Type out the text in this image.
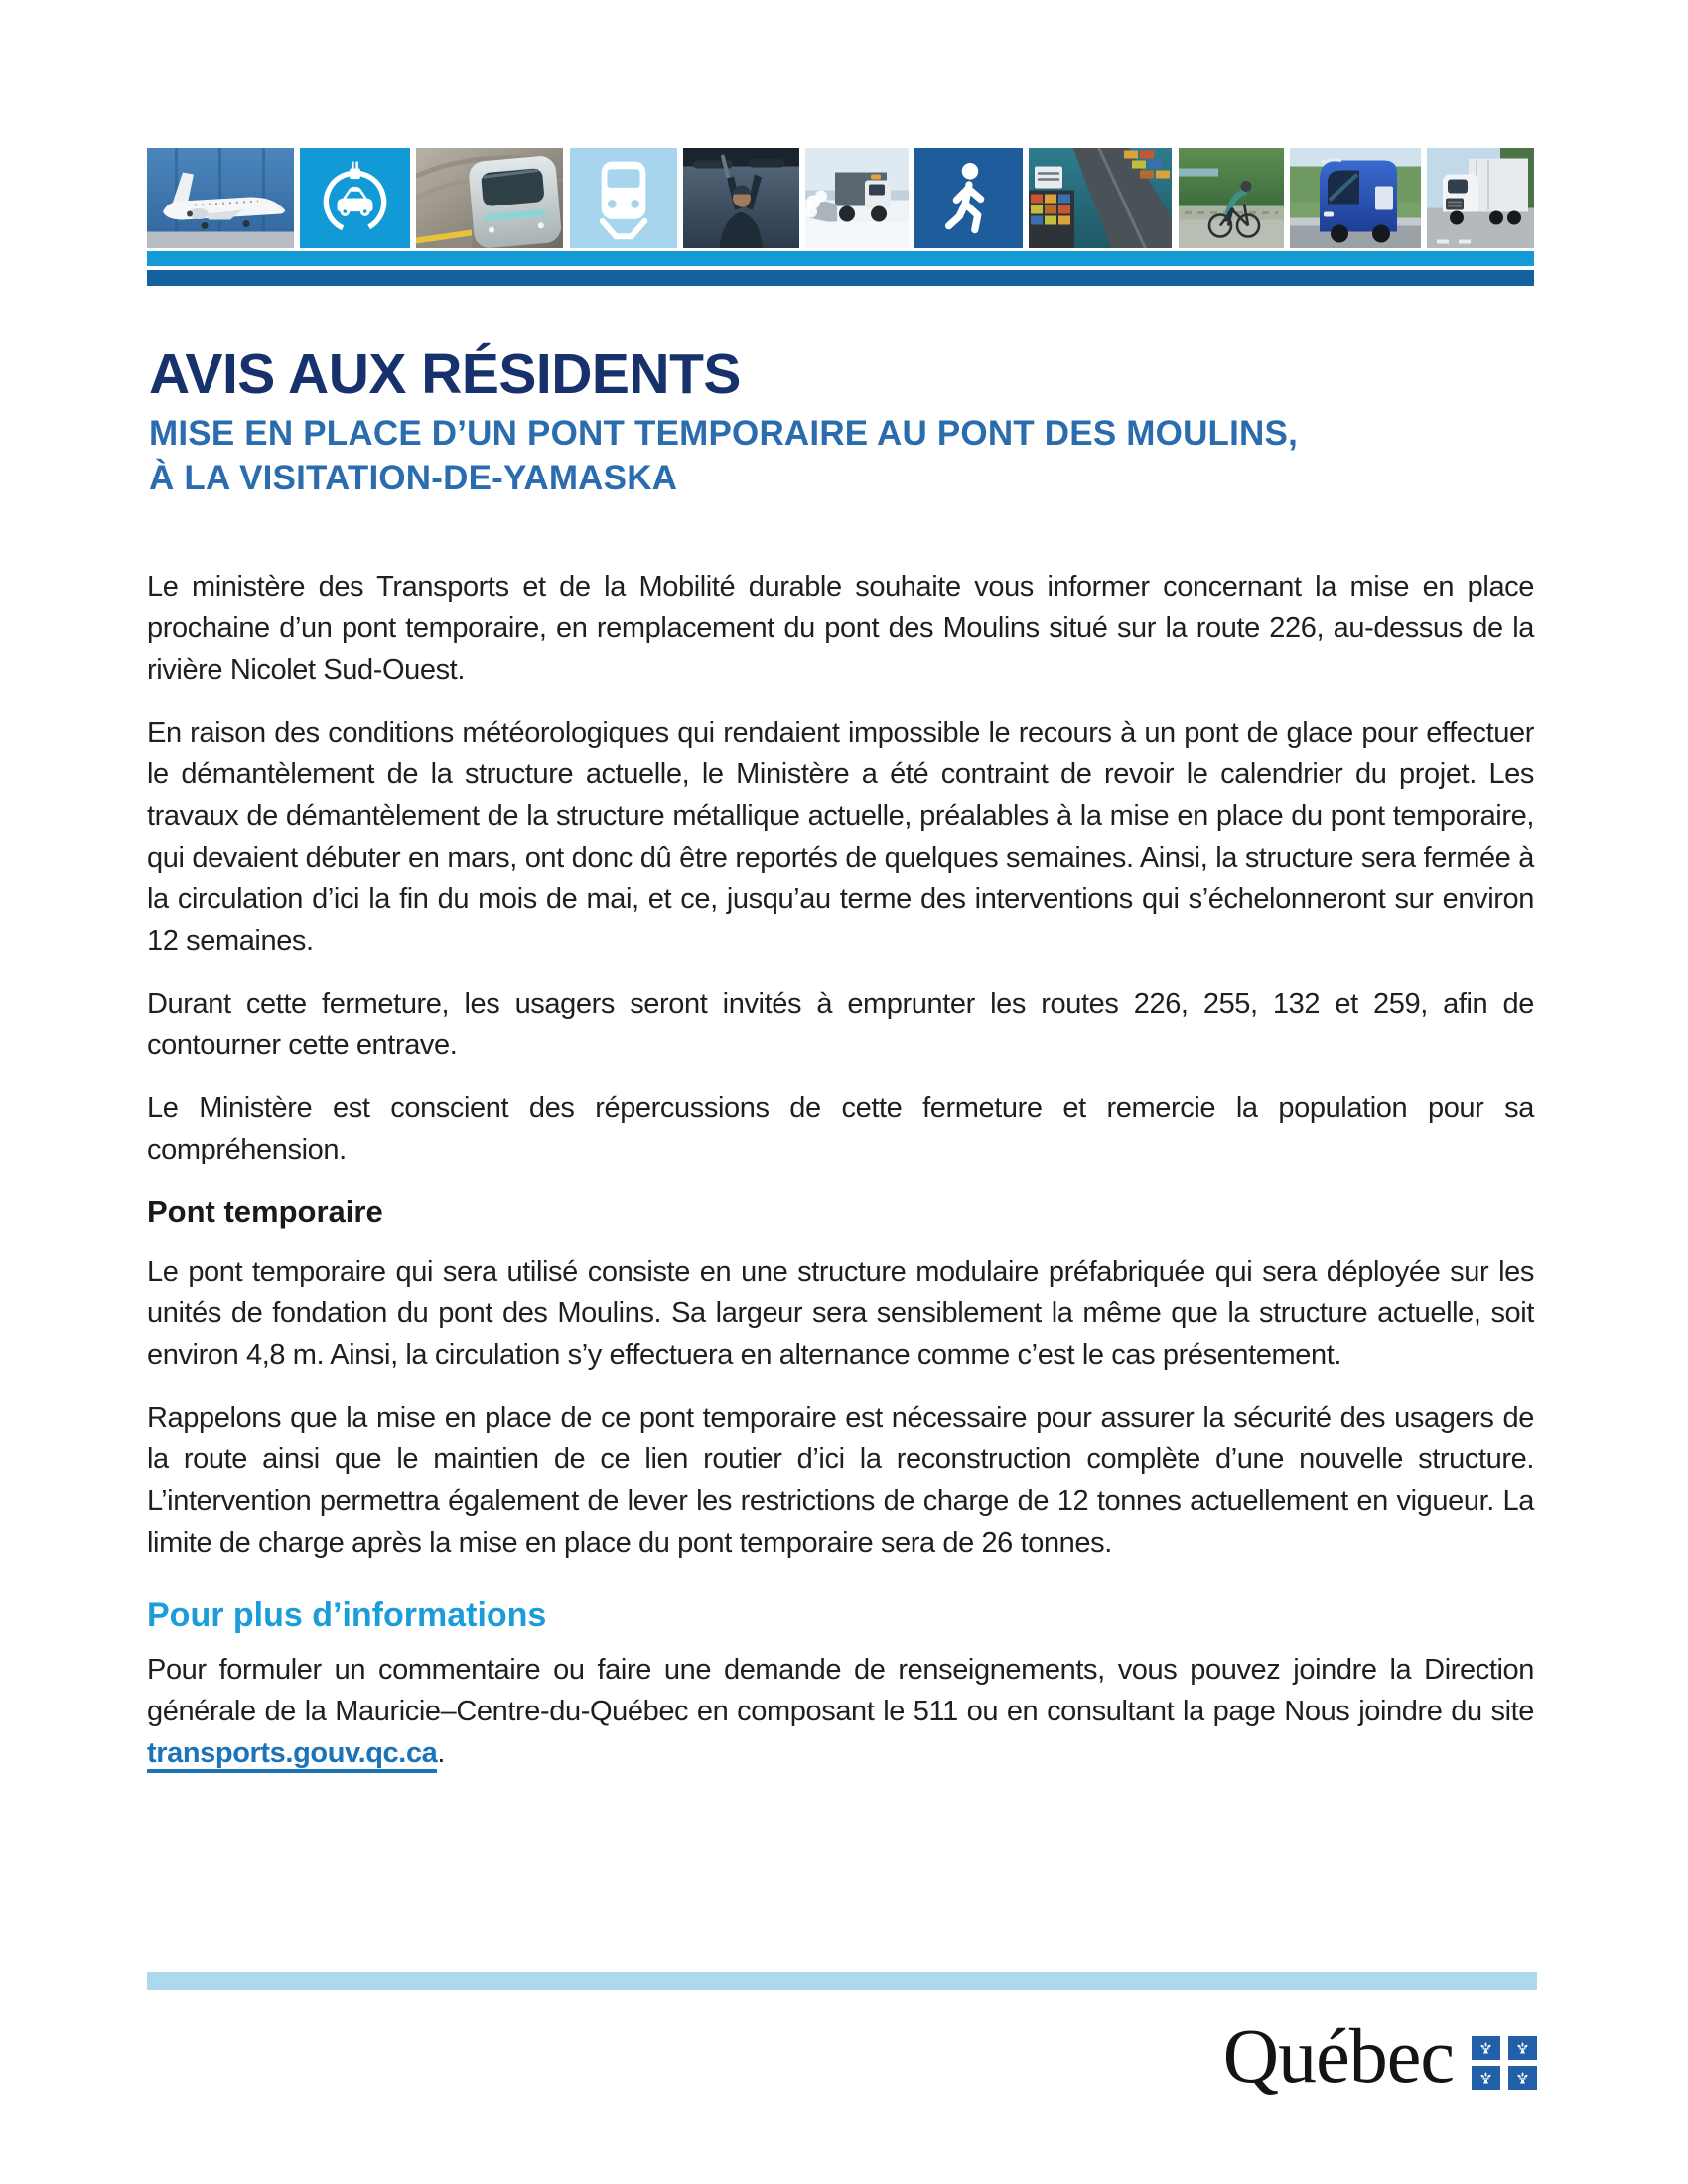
AVIS AUX RÉSIDENTS
MISE EN PLACE D’UN PONT TEMPORAIRE AU PONT DES MOULINS,
À LA VISITATION-DE-YAMASKA

Le ministère des Transports et de la Mobilité durable souhaite vous informer concernant la mise en place prochaine d’un pont temporaire, en remplacement du pont des Moulins situé sur la route 226, au-dessus de la rivière Nicolet Sud-Ouest.

En raison des conditions météorologiques qui rendaient impossible le recours à un pont de glace pour effectuer le démantèlement de la structure actuelle, le Ministère a été contraint de revoir le calendrier du projet. Les travaux de démantèlement de la structure métallique actuelle, préalables à la mise en place du pont temporaire, qui devaient débuter en mars, ont donc dû être reportés de quelques semaines. Ainsi, la structure sera fermée à la circulation d’ici la fin du mois de mai, et ce, jusqu’au terme des interventions qui s’échelonneront sur environ 12 semaines.

Durant cette fermeture, les usagers seront invités à emprunter les routes 226, 255, 132 et 259, afin de contourner cette entrave.

Le Ministère est conscient des répercussions de cette fermeture et remercie la population pour sa compréhension.

Pont temporaire

Le pont temporaire qui sera utilisé consiste en une structure modulaire préfabriquée qui sera déployée sur les unités de fondation du pont des Moulins. Sa largeur sera sensiblement la même que la structure actuelle, soit environ 4,8 m. Ainsi, la circulation s’y effectuera en alternance comme c’est le cas présentement.

Rappelons que la mise en place de ce pont temporaire est nécessaire pour assurer la sécurité des usagers de la route ainsi que le maintien de ce lien routier d’ici la reconstruction complète d’une nouvelle structure. L’intervention permettra également de lever les restrictions de charge de 12 tonnes actuellement en vigueur. La limite de charge après la mise en place du pont temporaire sera de 26 tonnes.

Pour plus d’informations

Pour formuler un commentaire ou faire une demande de renseignements, vous pouvez joindre la Direction générale de la Mauricie–Centre-du-Québec en composant le 511 ou en consultant la page Nous joindre du site transports.gouv.qc.ca.

Québec
